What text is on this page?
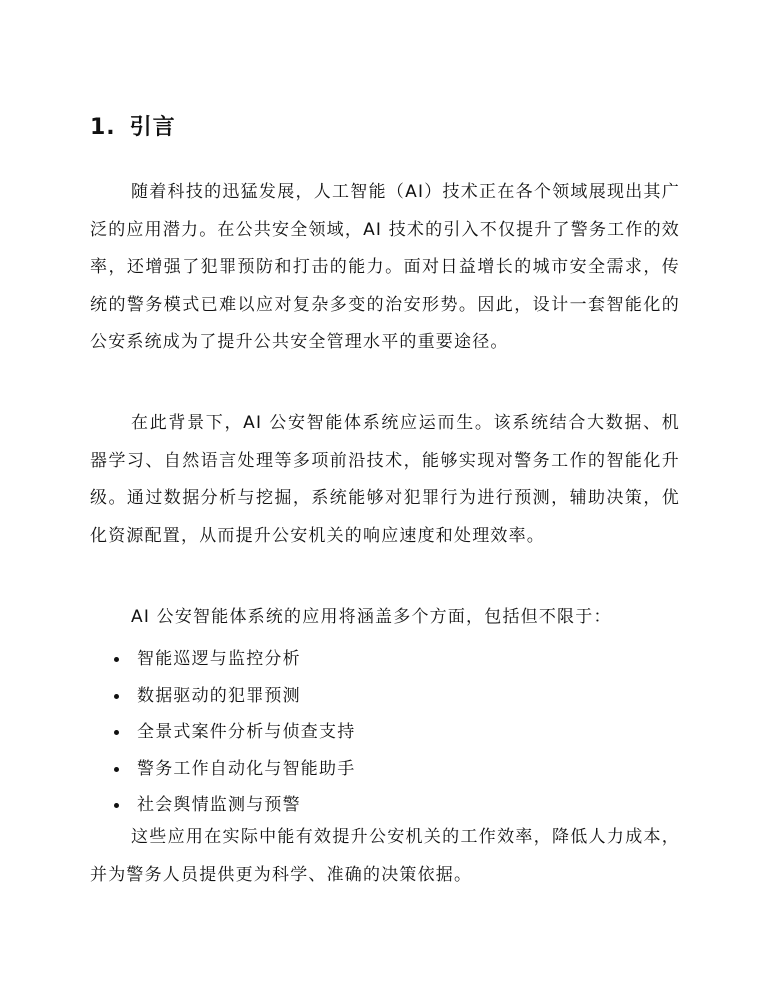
1. 引言

随着科技的迅猛发展，人工智能（AI）技术正在各个领域展现出其广泛的应用潜力。在公共安全领域，AI 技术的引入不仅提升了警务工作的效率，还增强了犯罪预防和打击的能力。面对日益增长的城市安全需求，传统的警务模式已难以应对复杂多变的治安形势。因此，设计一套智能化的公安系统成为了提升公共安全管理水平的重要途径。

在此背景下，AI 公安智能体系统应运而生。该系统结合大数据、机器学习、自然语言处理等多项前沿技术，能够实现对警务工作的智能化升级。通过数据分析与挖掘，系统能够对犯罪行为进行预测，辅助决策，优化资源配置，从而提升公安机关的响应速度和处理效率。

AI 公安智能体系统的应用将涵盖多个方面，包括但不限于：

智能巡逻与监控分析
数据驱动的犯罪预测
全景式案件分析与侦查支持
警务工作自动化与智能助手
社会舆情监测与预警

这些应用在实际中能有效提升公安机关的工作效率，降低人力成本，并为警务人员提供更为科学、准确的决策依据。
